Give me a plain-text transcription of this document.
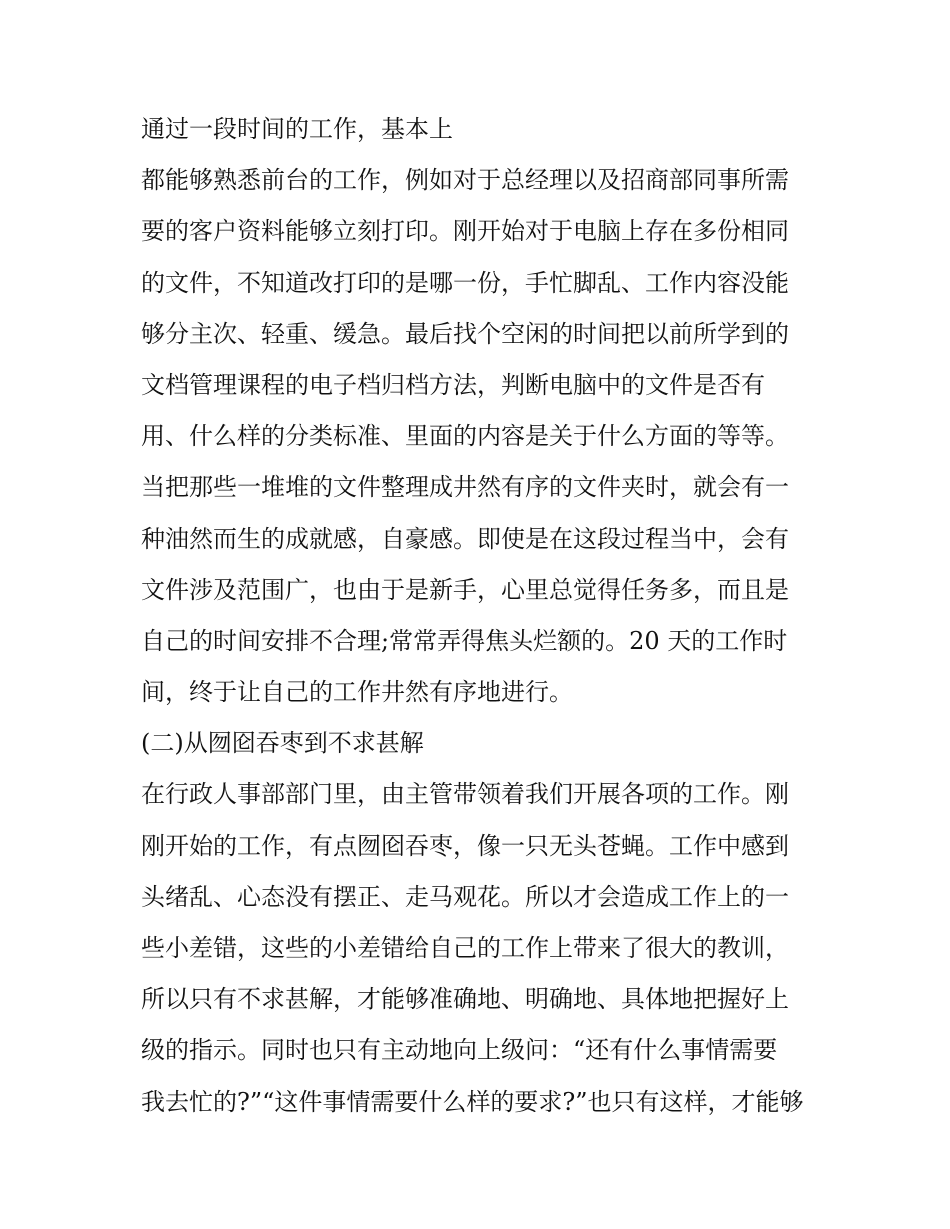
通过一段时间的工作，基本上
都能够熟悉前台的工作，例如对于总经理以及招商部同事所需
要的客户资料能够立刻打印。刚开始对于电脑上存在多份相同
的文件，不知道改打印的是哪一份，手忙脚乱、工作内容没能
够分主次、轻重、缓急。最后找个空闲的时间把以前所学到的
文档管理课程的电子档归档方法，判断电脑中的文件是否有
用、什么样的分类标准、里面的内容是关于什么方面的等等。
当把那些一堆堆的文件整理成井然有序的文件夹时，就会有一
种油然而生的成就感，自豪感。即使是在这段过程当中，会有
文件涉及范围广，也由于是新手，心里总觉得任务多，而且是
自己的时间安排不合理;常常弄得焦头烂额的。20 天的工作时
间，终于让自己的工作井然有序地进行。
(二)从囫囵吞枣到不求甚解
在行政人事部部门里，由主管带领着我们开展各项的工作。刚
刚开始的工作，有点囫囵吞枣，像一只无头苍蝇。工作中感到
头绪乱、心态没有摆正、走马观花。所以才会造成工作上的一
些小差错，这些的小差错给自己的工作上带来了很大的教训，
所以只有不求甚解，才能够准确地、明确地、具体地把握好上
级的指示。同时也只有主动地向上级问：“还有什么事情需要
我去忙的?”“这件事情需要什么样的要求?”也只有这样，才能够
